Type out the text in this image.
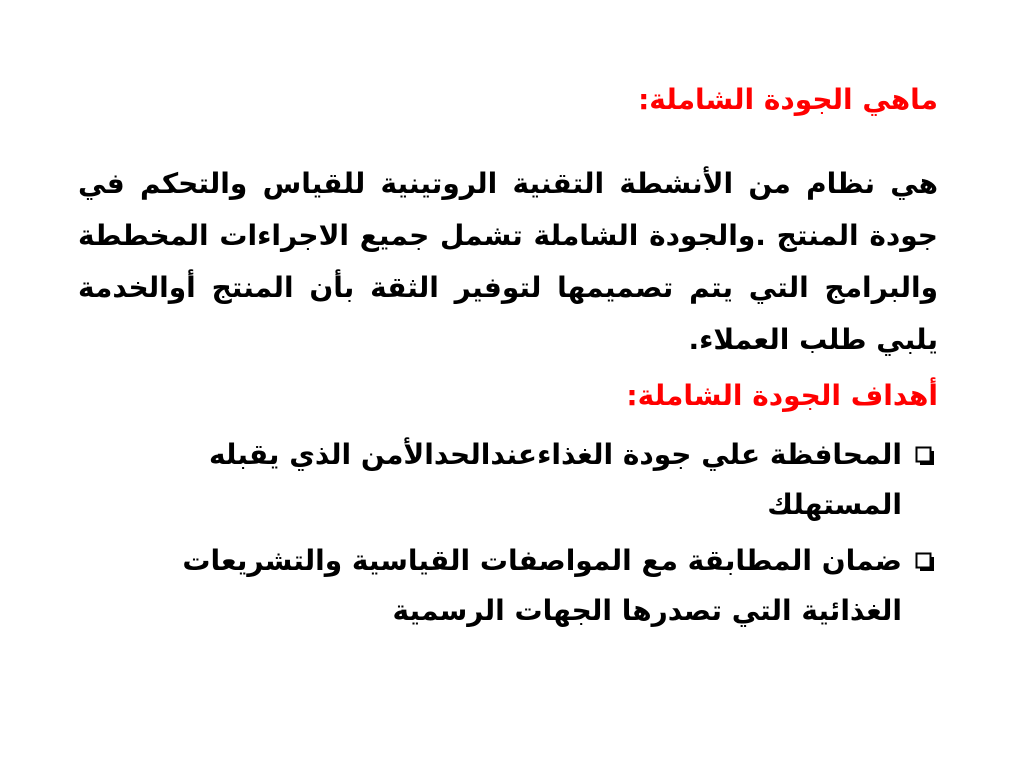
ماهي الجودة الشاملة:
هي نظام من الأنشطة التقنية الروتينية للقياس والتحكم في جودة المنتج .والجودة الشاملة تشمل جميع الاجراءات المخططة والبرامج التي يتم تصميمها لتوفير الثقة بأن المنتج أوالخدمة يلبي طلب العملاء.
أهداف الجودة الشاملة:
المحافظة علي جودة الغذاءعندالحدالأمن الذي يقبله المستهلك
ضمان المطابقة مع المواصفات القياسية والتشريعات الغذائية التي تصدرها الجهات الرسمية
